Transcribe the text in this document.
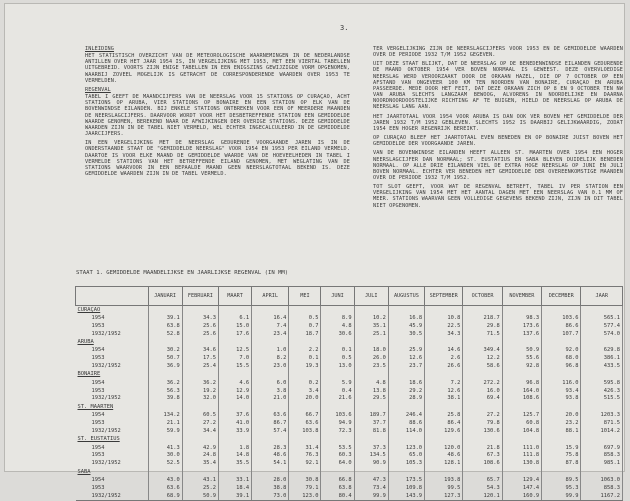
3.
INLEIDING

HET STATISTISCH OVERZICHT VAN DE METEOROLOGISCHE WAARNEMINGEN IN DE NEDERLANDSE ANTILLEN OVER HET JAAR 1954 IS, IN VERGELIJKING MET 1953, MET EEN VIERTAL TABELLEN UITGEBREID. VOORTS ZIJN ENIGE TABELLEN IN EEN ENIGSZINS GEWIJZIGDE VORM OPGENOMEN, WAARBIJ ZOVEEL MOGELIJK IS GETRACHT DE CORRESPONDERENDE WAARDEN OVER 1953 TE VERMELDEN.

REGENVAL

TABEL I GEEFT DE MAANDCIJFERS VAN DE NEERSLAG VOOR 15 STATIONS OP CURAÇAO, ACHT STATIONS OP ARUBA, VIER STATIONS OP BONAIRE EN EEN STATION OP ELK VAN DE BOVENWINDSE EILANDEN. BIJ ENKELE STATIONS ONTBREKEN VOOR EEN OF MEERDERE MAANDEN DE NEERSLAGCIJFERS. DAARVOOR WORDT VOOR HET DESBETREFFENDE STATION EEN GEMIDDELDE WAARDE GENOMEN, BEREKEND NAAR DE AFWIJKINGEN DER OVERIGE STATIONS. DEZE GEMIDDELDE WAARDEN ZIJN IN DE TABEL NIET VERMELD, WEL ECHTER INGECALCULEERD IN DE GEMIDDELDE JAARCIJFERS.

IN EEN VERGELIJKING MET DE NEERSLAG GEDURENDE VOORGAANDE JAREN IS IN DE ONDERSTAANDE STAAT DE "GEMIDDELDE NEERSLAG" VOOR 1954 EN 1953 PER EILAND VERMELD. DAARTOE IS VOOR ELKE MAAND DE GEMIDDELDE WAARDE VAN DE HOEVEELHEDEN IN TABEL I VERMELDE STATIONS VAN HET BETREFFENDE EILAND GENOMEN, MET WEGLATING VAN DE STATIONS WAARVOOR IN EEN BEPAALDE MAAND GEEN NEERSLAGTOTAAL BEKEND IS. DEZE GEMIDDELDE WAARDEN ZIJN IN DE TABEL VERMELD.

TER VERGELIJKING ZIJN DE NEERSLAGCIJFERS VOOR 1953 EN DE GEMIDDELDE WAARDEN OVER DE PERIODE 1932 T/M 1952 GEGEVEN.

UIT DEZE STAAT BLIJKT, DAT DE NEERSLAG OP DE BENEDENWINDSE EILANDEN GEDURENDE DE MAAND OKTOBER 1954 VER BOVEN NORMAAL IS GEWEEST. DEZE OVERVLOEDIGE NEERSLAG WERD VEROORZAAKT DOOR DE ORKAAN HAZEL, DIE OP 7 OCTOBER OP EEN AFSTAND VAN ONGEVEER 100 KM TEN NOORDEN VAN BONAIRE, CURAÇAO EN ARUBA PASSEERDE. MEDE DOOR HET FEIT, DAT DEZE ORKAAN ZICH OP 8 EN 9 OCTOBER TEN NW VAN ARUBA SLECHTS LANGZAAM BEWOOG, ALVORENS IN NOORDELIJKE EN DAARNA NOORDNOORDOOSTELIJKE RICHTING AF TE BUIGEN, HIELD DE NEERSLAG OP ARUBA DE NEERSLAG LANG AAN.

HET JAARTOTAAL VOOR 1954 VOOR ARUBA IS DAN OOK VER BOVEN HET GEMIDDELDE DER JAREN 1932 T/M 1952 GEBLEVEN. SLECHTS 1952 IS DAARBIJ GELIJKWAARDIG, ZODAT 1954 EEN HOGER REGENRIJK BEREIKT.

OP CURAÇAO BLEEF HET JAARTOTAAL EVEN BENEDEN EN OP BONAIRE JUIST BOVEN HET GEMIDDELDE DER VOORGAANDE JAREN.

VAN DE BOVENWINDSE EILANDEN HEEFT ALLEEN ST. MAARTEN OVER 1954 EEN HOGER NEERSLAGCIJFER DAN NORMAAL; ST. EUSTATIUS EN SABA BLEVEN DUIDELIJK BENEDEN NORMAAL. OP ALLE DRIE EILANDEN VIEL DE EXTRA HOGE NEERSLAG OP JUNI EN JULI BOVEN NORMAAL. ECHTER VER BENEDEN HET GEMIDDELDE DER OVEREENKOMSTIGE MAANDEN OVER DE PERIODE 1932 T/M 1952.

TOT SLOT GEEFT, VOOR WAT DE REGENVAL BETREFT, TABEL IV PER STATION EEN VERGELIJKING VAN 1954 MET HET AANTAL DAGEN MET EEN NEERSLAG VAN 0.1 MM OF MEER. STATIONS WAARVAN GEEN VOLLEDIGE GEGEVENS BEKEND ZIJN, ZIJN IN DIT TABEL NIET OPGENOMEN.

STAAT 1. GEMIDDELDE MAANDELIJKSE EN JAARLIJKSE REGENVAL (IN MM)
	JANUARI	FEBRUARI	MAART	APRIL	MEI	JUNI	JULI	AUGUSTUS	SEPTEMBER	OCTOBER	NOVEMBER	DECEMBER	JAAR
CURAÇAO													
1954	39.1	34.3	6.1	16.4	0.5	8.9	10.2	16.8	10.8	218.7	98.3	103.6	565.1
1953	63.8	25.6	15.0	7.4	0.7	4.8	35.1	45.9	22.5	29.8	173.6	86.6	577.4
1932/1952	52.8	25.6	17.6	23.4	18.7	30.6	25.1	30.5	34.3	71.5	137.6	107.7	574.0
ARUBA													
1954	30.2	34.6	12.5	1.0	2.2	0.1	18.0	25.9	14.6	349.4	50.9	92.0	629.8
1953	50.7	17.5	7.0	8.2	0.1	0.5	26.0	12.6	2.6	12.2	55.6	68.0	386.1
1932/1952	36.9	25.4	15.5	23.0	19.3	13.0	23.5	23.7	26.6	58.6	92.8	96.8	433.5
BONAIRE													
1954	36.2	36.2	4.6	6.0	0.2	5.9	4.8	18.6	7.2	272.2	96.8	116.0	595.8
1953	56.3	19.2	12.9	3.8	3.4	0.4	13.8	29.2	12.6	16.0	164.0	93.4	426.3
1932/1952	39.8	32.0	14.0	21.0	20.0	21.6	29.5	28.9	38.1	69.4	108.6	93.8	515.5
ST. MAARTEN													
1954	134.2	60.5	37.6	63.6	66.7	103.6	189.7	246.4	25.8	27.2	125.7	20.0	1203.3
1953	21.1	27.2	41.0	86.7	63.6	94.9	37.7	88.6	86.4	79.8	60.8	23.2	871.5
1932/1952	59.9	34.4	33.9	57.4	103.8	72.3	81.8	114.0	129.6	130.6	104.8	88.1	1014.2
ST. EUSTATIUS													
1954	41.3	42.9	1.8	28.3	31.4	53.5	37.3	123.0	120.0	21.8	111.0	15.9	697.9
1953	30.0	24.8	14.8	48.6	76.3	60.3	134.5	65.0	48.6	67.3	111.8	75.8	858.3
1932/1952	52.5	35.4	35.5	54.1	92.1	64.0	90.9	105.3	128.1	108.6	130.8	87.8	985.1
SABA													
1954	43.0	43.1	33.1	28.0	30.8	66.8	47.3	173.5	193.8	65.7	129.4	89.5	1063.0
1953	63.6	25.2	18.4	38.8	79.1	63.8	73.4	109.8	99.5	54.3	147.4	95.3	858.3
1932/1952	68.9	50.9	39.1	73.0	123.0	80.4	99.9	143.9	127.3	120.1	160.9	99.9	1167.2
